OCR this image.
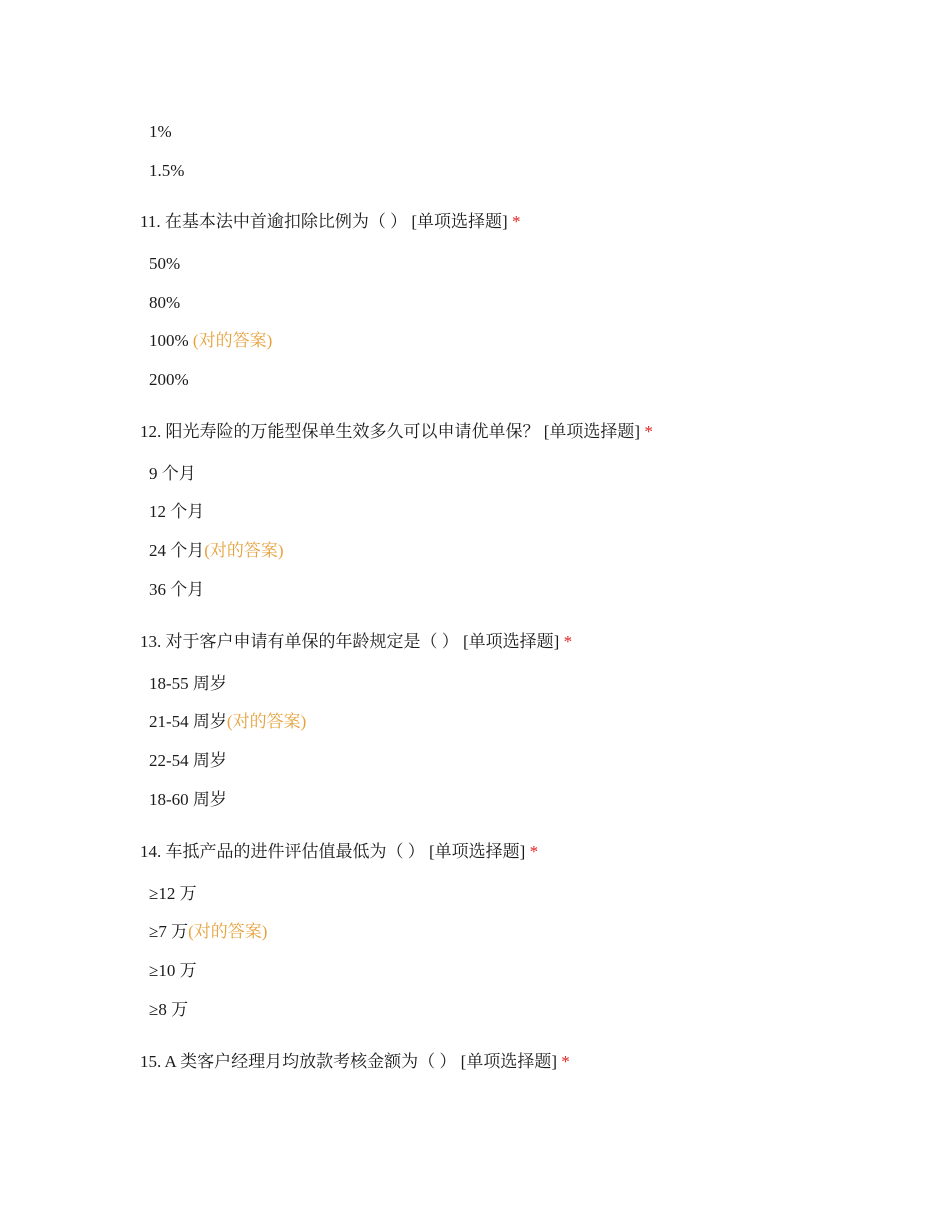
1%
1.5%
11. 在基本法中首逾扣除比例为（ ） [单项选择题] *
50%
80%
100% (对的答案)
200%
12. 阳光寿险的万能型保单生效多久可以申请优单保？ [单项选择题] *
9 个月
12 个月
24 个月(对的答案)
36 个月
13. 对于客户申请有单保的年龄规定是（ ） [单项选择题] *
18-55 周岁
21-54 周岁(对的答案)
22-54 周岁
18-60 周岁
14. 车抵产品的进件评估值最低为（ ） [单项选择题] *
≥12 万
≥7 万(对的答案)
≥10 万
≥8 万
15. A 类客户经理月均放款考核金额为（ ） [单项选择题] *
